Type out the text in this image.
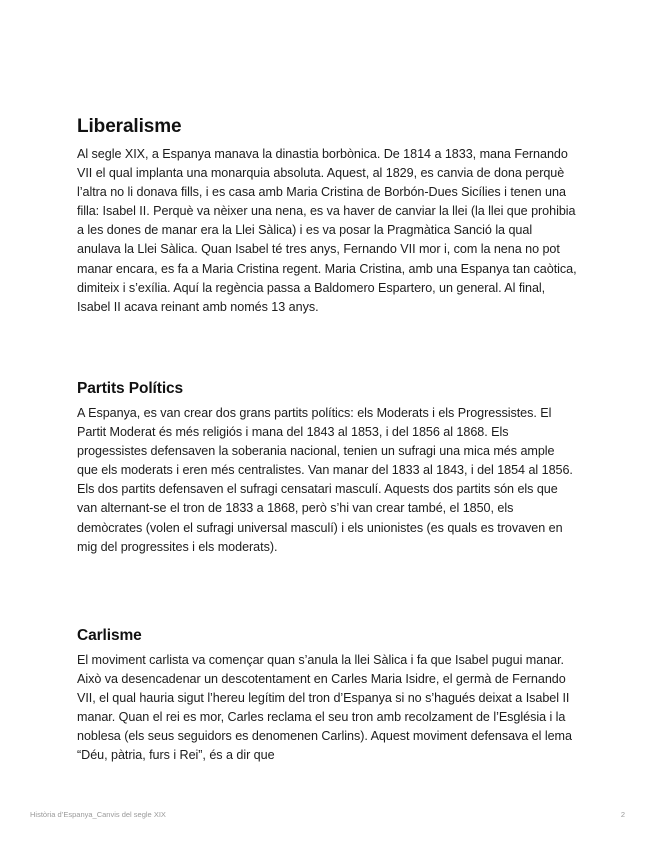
Liberalisme

Al segle XIX, a Espanya manava la dinastia borbònica. De 1814 a 1833, mana Fernando VII el qual implanta una monarquia absoluta. Aquest, al 1829, es canvia de dona perquè l’altra no li donava fills, i es casa amb Maria Cristina de Borbón-Dues Sicílies i tenen una filla: Isabel II. Perquè va nèixer una nena, es va haver de canviar la llei (la llei que prohibia a les dones de manar era la Llei Sàlica) i es va posar la Pragmàtica Sanció la qual anulava la Llei Sàlica. Quan Isabel té tres anys, Fernando VII mor i, com la nena no pot manar encara, es fa a Maria Cristina regent. Maria Cristina, amb una Espanya tan caòtica, dimiteix i s’exília. Aquí la regència passa a Baldomero Espartero, un general. Al final, Isabel II acava reinant amb només 13 anys.

Partits Polítics

A Espanya, es van crear dos grans partits polítics: els Moderats i els Progressistes. El Partit Moderat és més religiós i mana del 1843 al 1853, i del 1856 al 1868. Els progessistes defensaven la soberania nacional, tenien un sufragi una mica més ample que els moderats i eren més centralistes. Van manar del 1833 al 1843, i del 1854 al 1856. Els dos partits defensaven el sufragi censatari masculí. Aquests dos partits són els que van alternant-se el tron de 1833 a 1868, però s’hi van crear també, el 1850, els demòcrates (volen el sufragi universal masculí) i els unionistes (es quals es trovaven en mig del progressites i els moderats).

Carlisme

El moviment carlista va començar quan s’anula la llei Sàlica i fa que Isabel pugui manar. Això va desencadenar un descotentament en Carles Maria Isidre, el germà de Fernando VII, el qual hauria sigut l’hereu legítim del tron d’Espanya si no s’hagués deixat a Isabel II manar. Quan el rei es mor, Carles reclama el seu tron amb recolzament de l’Església i la noblesa (els seus seguidors es denomenen Carlins). Aquest moviment defensava el lema “Déu, pàtria, furs i Rei”, és a dir que

Història d’Espanya_Canvis del segle XIX	2
